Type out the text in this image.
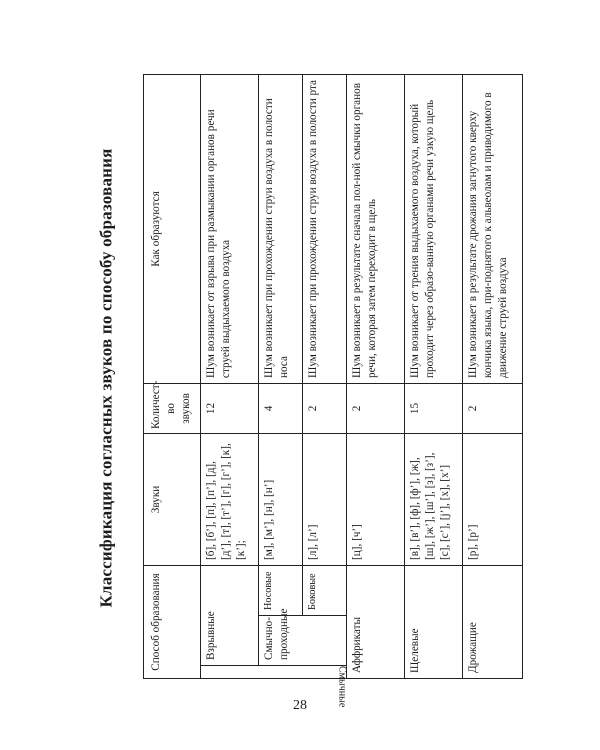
Классификация согласных звуков по способу образования
Способ образования			Звуки	Количест-во звуков	Как образуются

Смычные	Взрывные		[б], [б’], [п], [п’], [д], [д’], [т], [т’], [г], [г’], [к], [к’];	12	Шум возникает от взрыва при размыкании органов речи струей выдыхаемого воздуха
	Смычно-проходные	Носовые	[м], [м’], [н], [н’]	4	Шум возникает при прохождении струи воздуха в полости носа
		Боковые	[л], [л’]	2	Шум возникает при прохождении струи воздуха в полости рта
Аффрикаты			[ц], [ч’]	2	Шум возникает в результате сначала пол-ной смычки органов речи, которая затем переходит в щель
Щелевые			[в], [в’], [ф], [ф’], [ж], [ш], [ж’], [ш’], [з], [з’], [с], [с’], [j’], [х], [х’]	15	Шум возникает от трения выдыхаемого воздуха, который проходит через образо-ванную органами речи узкую щель
Дрожащие			[р], [р’]	2	Шум возникает в результате дрожания загнутого кверху кончика языка, при-поднятого к альвеолам и приводимого в движение струей воздуха
28
